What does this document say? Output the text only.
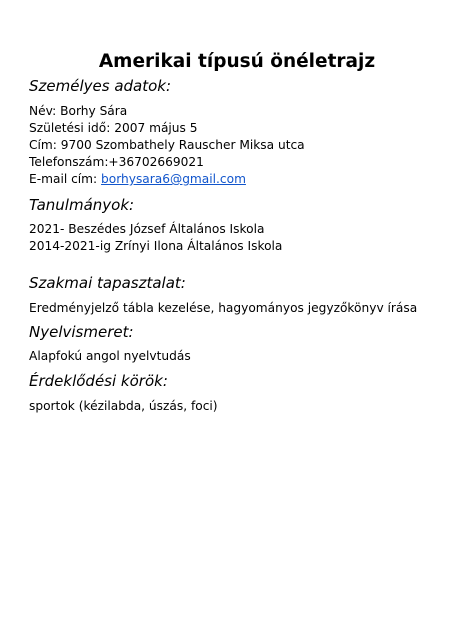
Amerikai típusú önéletrajz
Személyes adatok:
Név: Borhy Sára
Születési idő: 2007 május 5
Cím: 9700 Szombathely Rauscher Miksa utca
Telefonszám:+36702669021
E-mail cím: borhysara6@gmail.com
Tanulmányok:
2021- Beszédes József Általános Iskola
2014-2021-ig Zrínyi Ilona Általános Iskola
Szakmai tapasztalat:
Eredményjelző tábla kezelése, hagyományos jegyzőkönyv írása
Nyelvismeret:
Alapfokú angol nyelvtudás
Érdeklődési körök:
sportok (kézilabda, úszás, foci)
